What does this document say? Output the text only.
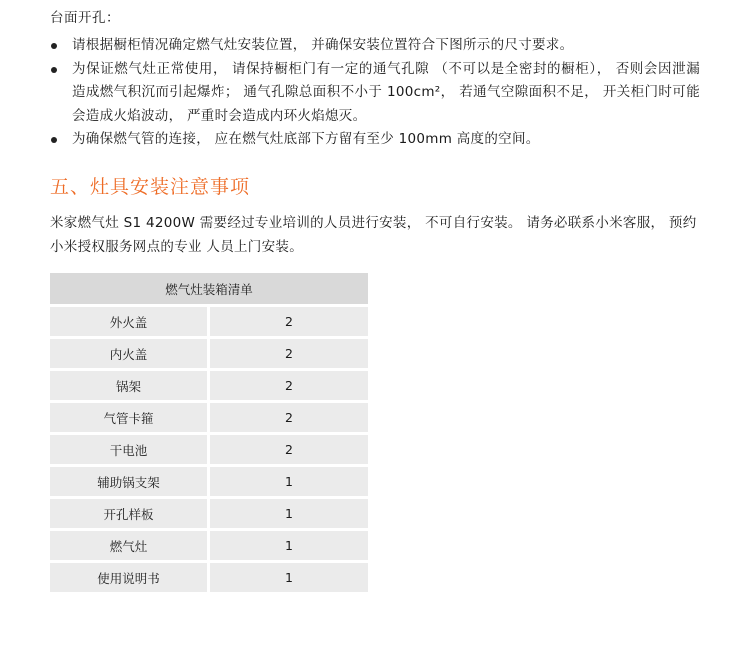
台面开孔：
请根据橱柜情况确定燃气灶安装位置， 并确保安装位置符合下图所示的尺寸要求。
为保证燃气灶正常使用， 请保持橱柜门有一定的通气孔隙 （不可以是全密封的橱柜）， 否则会因泄漏造成燃气积沉而引起爆炸； 通气孔隙总面积不小于 100cm²， 若通气空隙面积不足， 开关柜门时可能会造成火焰波动， 严重时会造成内环火焰熄灭。
为确保燃气管的连接， 应在燃气灶底部下方留有至少 100mm 高度的空间。
五、灶具安装注意事项
米家燃气灶 S1 4200W 需要经过专业培训的人员进行安装， 不可自行安装。 请务必联系小米客服， 预约小米授权服务网点的专业 人员上门安装。
燃气灶装箱清单	
外火盖	2
内火盖	2
锅架	2
气管卡箍	2
干电池	2
辅助锅支架	1
开孔样板	1
燃气灶	1
使用说明书	1
